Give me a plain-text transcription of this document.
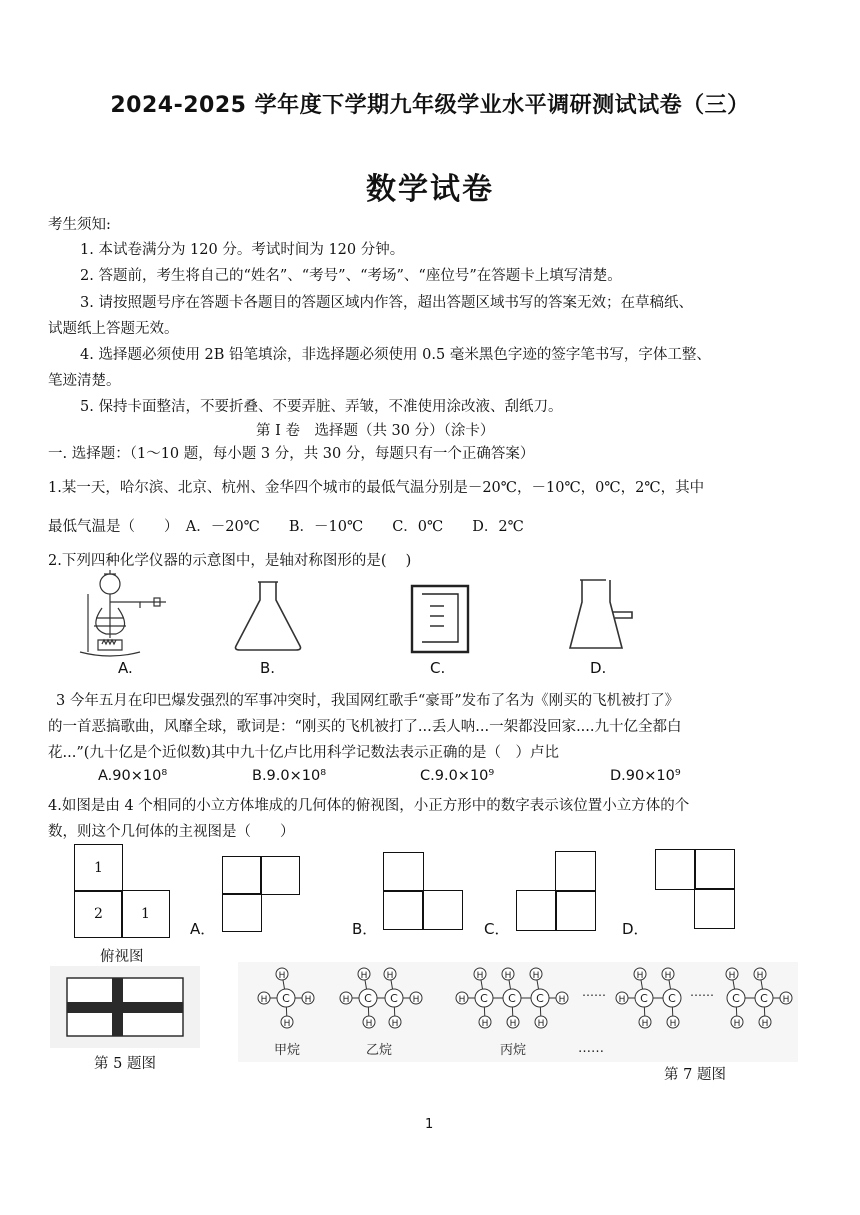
2024-2025 学年度下学期九年级学业水平调研测试试卷（三）
数学试卷
考生须知:
1. 本试卷满分为 120 分。考试时间为 120 分钟。
2. 答题前，考生将自己的“姓名”、“考号”、“考场”、“座位号”在答题卡上填写清楚。
3. 请按照题号序在答题卡各题目的答题区域内作答，超出答题区域书写的答案无效；在草稿纸、
试题纸上答题无效。
4. 选择题必须使用 2B 铅笔填涂，非选择题必须使用 0.5 毫米黑色字迹的签字笔书写，字体工整、
笔迹清楚。
5. 保持卡面整洁，不要折叠、不要弄脏、弄皱，不准使用涂改液、刮纸刀。
第 Ⅰ 卷　选择题（共 30 分）（涂卡）
一. 选择题：（1～10 题，每小题 3 分，共 30 分，每题只有一个正确答案）
1.某一天，哈尔滨、北京、杭州、金华四个城市的最低气温分别是－20℃，－10℃，0℃，2℃，其中
最低气温是（　　）　A．－20℃　　B．－10℃　　C．0℃　　D．2℃
2.下列四种化学仪器的示意图中，是轴对称图形的是(　 )
A.	B.	C.	D.
3 今年五月在印巴爆发强烈的军事冲突时，我国网红歌手“豪哥”发布了名为《刚买的飞机被打了》
的一首恶搞歌曲，风靡全球，歌词是：“刚买的飞机被打了...丢人呐...一架都没回家....九十亿全都白
花...”(九十亿是个近似数)其中九十亿卢比用科学记数法表示正确的是（　）卢比
A.90×10⁸	B.9.0×10⁸	C.9.0×10⁹	D.90×10⁹
4.如图是由 4 个相同的小立方体堆成的几何体的俯视图，小正方形中的数字表示该位置小立方体的个
数，则这个几何体的主视图是（　　）
1
2	1
俯视图
A．	B．	C．	D．
第 5 题图
H	H
H
H
C	H	H
H
H
C
H
H
C	H	H
H
H
C
H
H
C
H
H
C	H
H
H
C
H
H
C	H
H
H
C
H
H
C
甲烷	乙烷	丙烷	……
……	……
第 7 题图
1
